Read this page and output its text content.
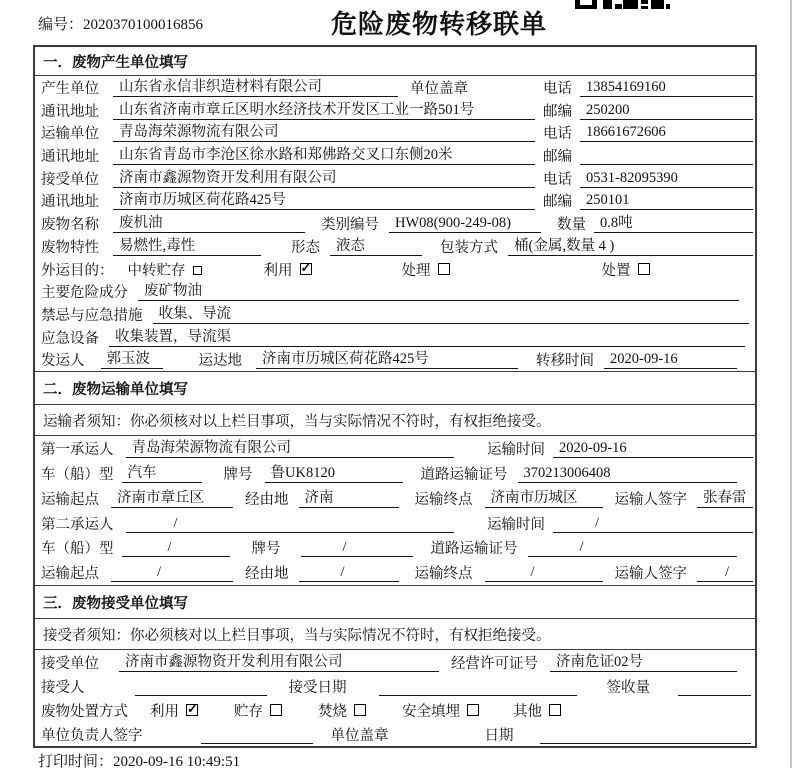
编号：2020370100016856	危险废物转移联单
一．废物产生单位填写
产生单位	山东省永信非织造材料有限公司	单位盖章	电话 13854169160
通讯地址	山东省济南市章丘区明水经济技术开发区工业一路501号	邮编 250200
运输单位	青岛海荣源物流有限公司	电话 18661672606
通讯地址	山东省青岛市李沧区徐水路和郑佛路交叉口东侧20米	邮编
接受单位	济南市鑫源物资开发利用有限公司	电话 0531-82095390
通讯地址	济南市历城区荷花路425号	邮编 250101
废物名称	废机油	类别编号	HW08(900-249-08)	数量 0.8吨
废物特性	易燃性,毒性	形态	液态	包装方式	桶(金属,数量 4 )
外运目的： 中转贮存	利用 ✓	处理	处置
主要危险成分	废矿物油
禁忌与应急措施	收集、导流
应急设备	收集装置，导流渠
发运人	郭玉波	运达地	济南市历城区荷花路425号	转移时间	2020-09-16
二．废物运输单位填写
运输者须知：你必须核对以上栏目事项，当与实际情况不符时，有权拒绝接受。
第一承运人	青岛海荣源物流有限公司	运输时间 2020-09-16
车（船）型 汽车	牌号	鲁UK8120	道路运输证号	370213006408
运输起点	济南市章丘区	经由地	济南	运输终点	济南市历城区	运输人签字	张春雷
第二承运人	/	运输时间	/
车（船）型	/	牌号	/	道路运输证号	/
运输起点	/	经由地	/	运输终点	/	运输人签字	/
三．废物接受单位填写
接受者须知：你必须核对以上栏目事项，当与实际情况不符时，有权拒绝接受。
接受单位	济南市鑫源物资开发利用有限公司	经营许可证号	济南危证02号
接受人	接受日期	签收量
废物处置方式 利用 ✓	贮存	焚烧	安全填埋	其他
单位负责人签字	单位盖章	日期
打印时间：2020-09-16 10:49:51
